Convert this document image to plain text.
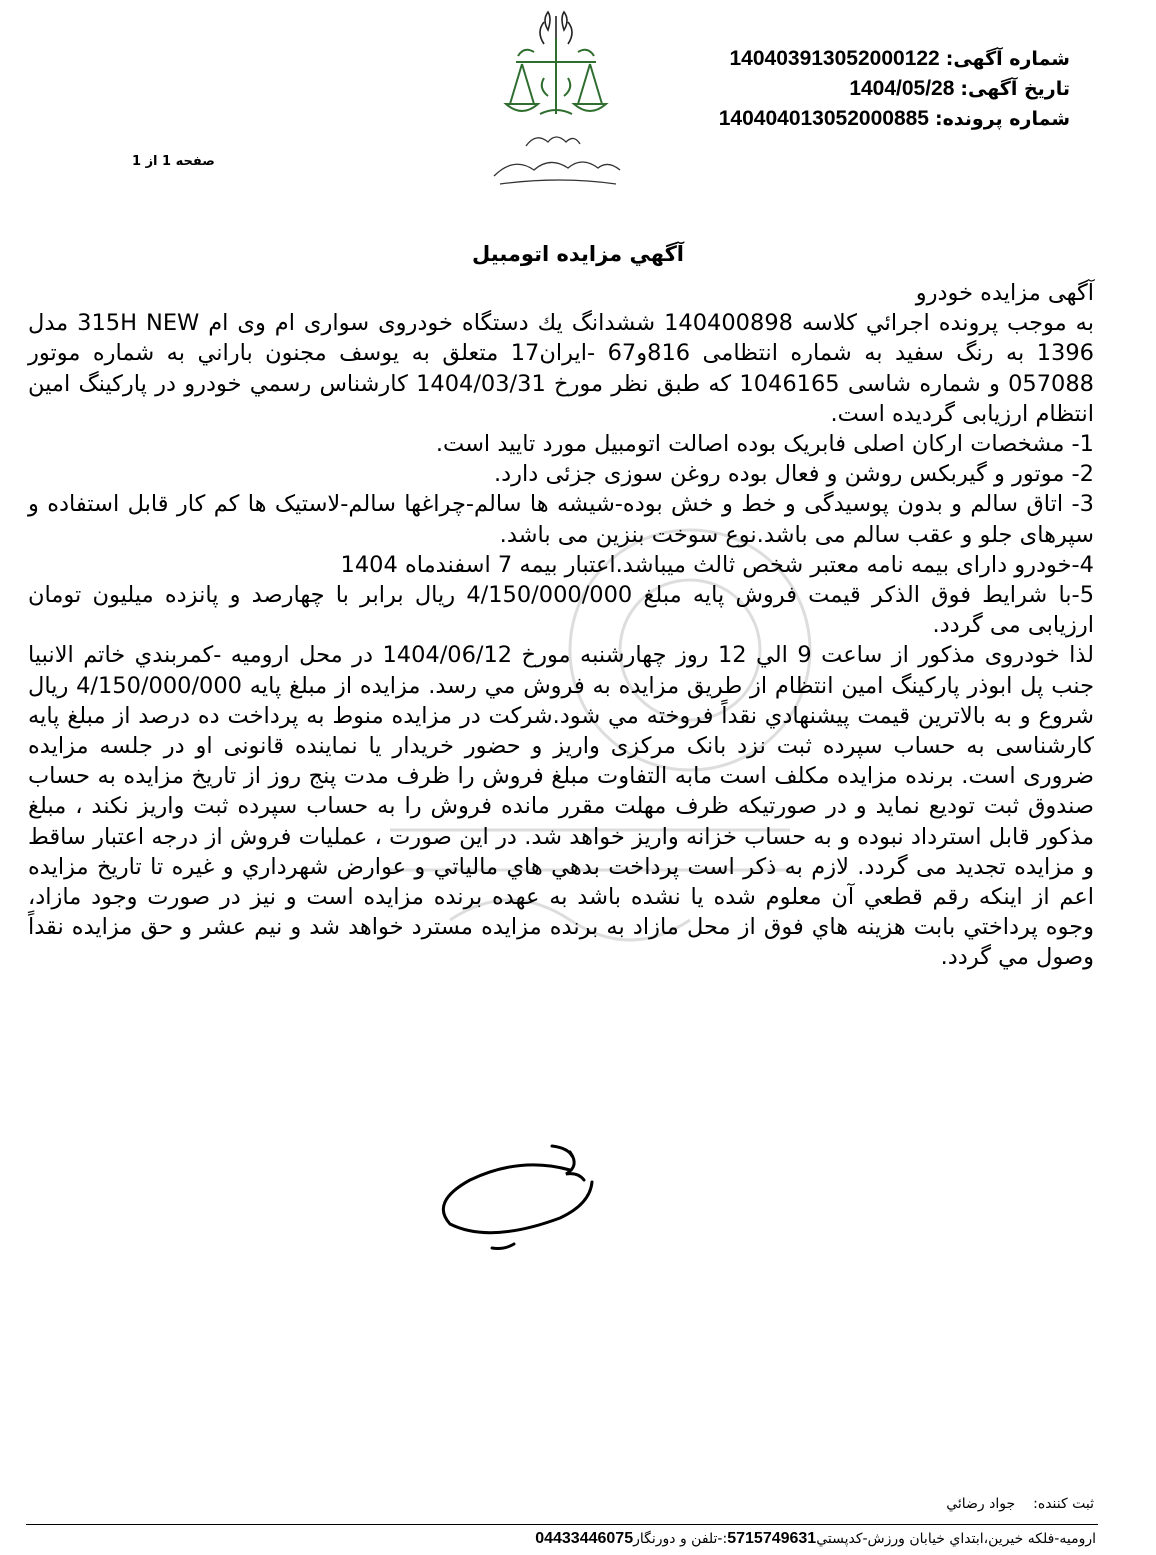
شماره آگهی:140403913052000122
تاريخ آگهی:1404/05/28
شماره پرونده:140404013052000885
صفحه 1 از 1
آگهي مزايده اتومبيل

آگهی مزایده خودرو

به موجب پرونده اجرائي كلاسه 140400898 ششدانگ یك دستگاه خودروی سواری ام وی ام 315H NEW مدل 1396 به رنگ سفید به شماره انتظامی 816و67 -ایران17 متعلق به یوسف مجنون باراني به شماره موتور 057088 و شماره شاسی 1046165 که طبق نظر مورخ 1404/03/31 کارشناس رسمي خودرو در پارکینگ امین انتظام ارزیابی گردیده است.

1- مشخصات ارکان اصلی فابریک بوده اصالت اتومبیل مورد تایید است.

2- موتور و گیربکس روشن و فعال بوده روغن سوزی جزئی دارد.

3- اتاق سالم و بدون پوسیدگی و خط و خش بوده-شیشه ها سالم-چراغها سالم-لاستیک ها کم کار قابل استفاده و سپرهای جلو و عقب سالم می باشد.نوع سوخت بنزین می باشد.

4-خودرو دارای بیمه نامه معتبر شخص ثالث میباشد.اعتبار بیمه 7 اسفندماه 1404

5-با شرایط فوق الذکر قیمت فروش پایه مبلغ 4/150/000/000 ریال برابر با چهارصد و پانزده میلیون تومان ارزیابی می گردد.

لذا خودروی مذکور از ساعت 9 الي 12 روز چهارشنبه مورخ 1404/06/12 در محل ارومیه -کمربندي خاتم الانبیا جنب پل ابوذر پارکینگ امین انتظام از طريق مزايده به فروش مي رسد. مزايده از مبلغ پايه 4/150/000/000 ريال شروع و به بالاترين قيمت پيشنهادي نقداً فروخته مي شود.شرکت در مزایده منوط به پرداخت ده درصد از مبلغ پایه کارشناسی به حساب سپرده ثبت نزد بانک مرکزی واریز و حضور خریدار یا نماینده قانونی او در جلسه مزایده ضروری است. برنده مزایده مکلف است مابه التفاوت مبلغ فروش را ظرف مدت پنج روز از تاریخ مزایده به حساب صندوق ثبت تودیع نماید و در صورتیکه ظرف مهلت مقرر مانده فروش را به حساب سپرده ثبت واریز نکند ، مبلغ مذکور قابل استرداد نبوده و به حساب خزانه واریز خواهد شد. در این صورت ، عملیات فروش از درجه اعتبار ساقط و مزایده تجدید می گردد. لازم به ذکر است پرداخت بدهي هاي مالياتي و عوارض شهرداري و غيره تا تاريخ مزايده اعم از اينكه رقم قطعي آن معلوم شده يا نشده باشد به عهده برنده مزايده است و نيز در صورت وجود مازاد، وجوه پرداختي بابت هزينه هاي فوق از محل مازاد به برنده مزايده مسترد خواهد شد و نيم عشر و حق مزايده نقداً وصول مي گردد.

ثبت کننده:جواد رضائي
اروميه-فلكه خيرين،ابتداي خيابان ورزش-كدپستي5715749631:-تلفن و دورنگار04433446075
